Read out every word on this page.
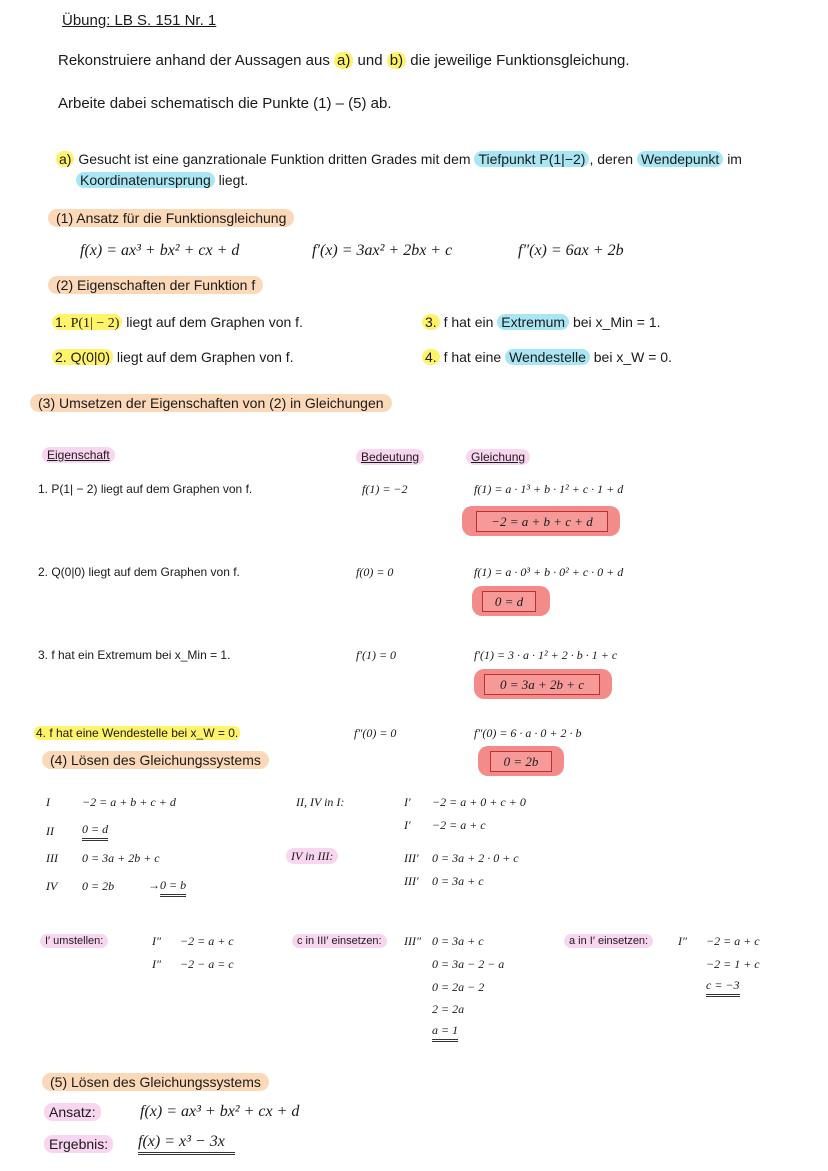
Übung: LB S. 151 Nr. 1
Rekonstruiere anhand der Aussagen aus a) und b) die jeweilige Funktionsgleichung.
Arbeite dabei schematisch die Punkte (1) – (5) ab.
a) Gesucht ist eine ganzrationale Funktion dritten Grades mit dem Tiefpunkt P(1|−2) , deren Wendepunkt im
Koordinatenursprung liegt.
(1) Ansatz für die Funktionsgleichung
f(x) = ax³ + bx² + cx + d	f′(x) = 3ax² + 2bx + c	f″(x) = 6ax + 2b
(2) Eigenschaften der Funktion f
1. P(1| − 2) liegt auf dem Graphen von f.
2. Q(0|0) liegt auf dem Graphen von f.
3. f hat ein Extremum bei x_Min = 1.
4. f hat eine Wendestelle bei x_W = 0.
(3) Umsetzen der Eigenschaften von (2) in Gleichungen
Eigenschaft	Bedeutung	Gleichung
1. P(1| − 2) liegt auf dem Graphen von f.	f(1) = −2	f(1) = a · 1³ + b · 1² + c · 1 + d
−2 = a + b + c + d
2. Q(0|0) liegt auf dem Graphen von f.	f(0) = 0	f(1) = a · 0³ + b · 0² + c · 0 + d
0 = d
3. f hat ein Extremum bei x_Min = 1.	f′(1) = 0	f′(1) = 3 · a · 1² + 2 · b · 1 + c
0 = 3a + 2b + c
4. f hat eine Wendestelle bei x_W = 0.	f″(0) = 0	f″(0) = 6 · a · 0 + 2 · b
0 = 2b
(4) Lösen des Gleichungssystems
I	−2 = a + b + c + d
II 0 = d
III 0 = 3a + 2b + c
IV 0 = 2b	→ 0 = b
II, IV in I:	I′ −2 = a + 0 + c + 0
I′ −2 = a + c
IV in III:	III′ 0 = 3a + 2 · 0 + c
III′ 0 = 3a + c
I′ umstellen:	I″ −2 = a + c
I″ −2 − a = c
c in III′ einsetzen:	III″ 0 = 3a + c
0 = 3a − 2 − a
0 = 2a − 2
2 = 2a
a = 1
a in I′ einsetzen:	I″ −2 = a + c
−2 = 1 + c
c = −3
(5) Lösen des Gleichungssystems
Ansatz:	f(x) = ax³ + bx² + cx + d
Ergebnis:	f(x) = x³ − 3x
